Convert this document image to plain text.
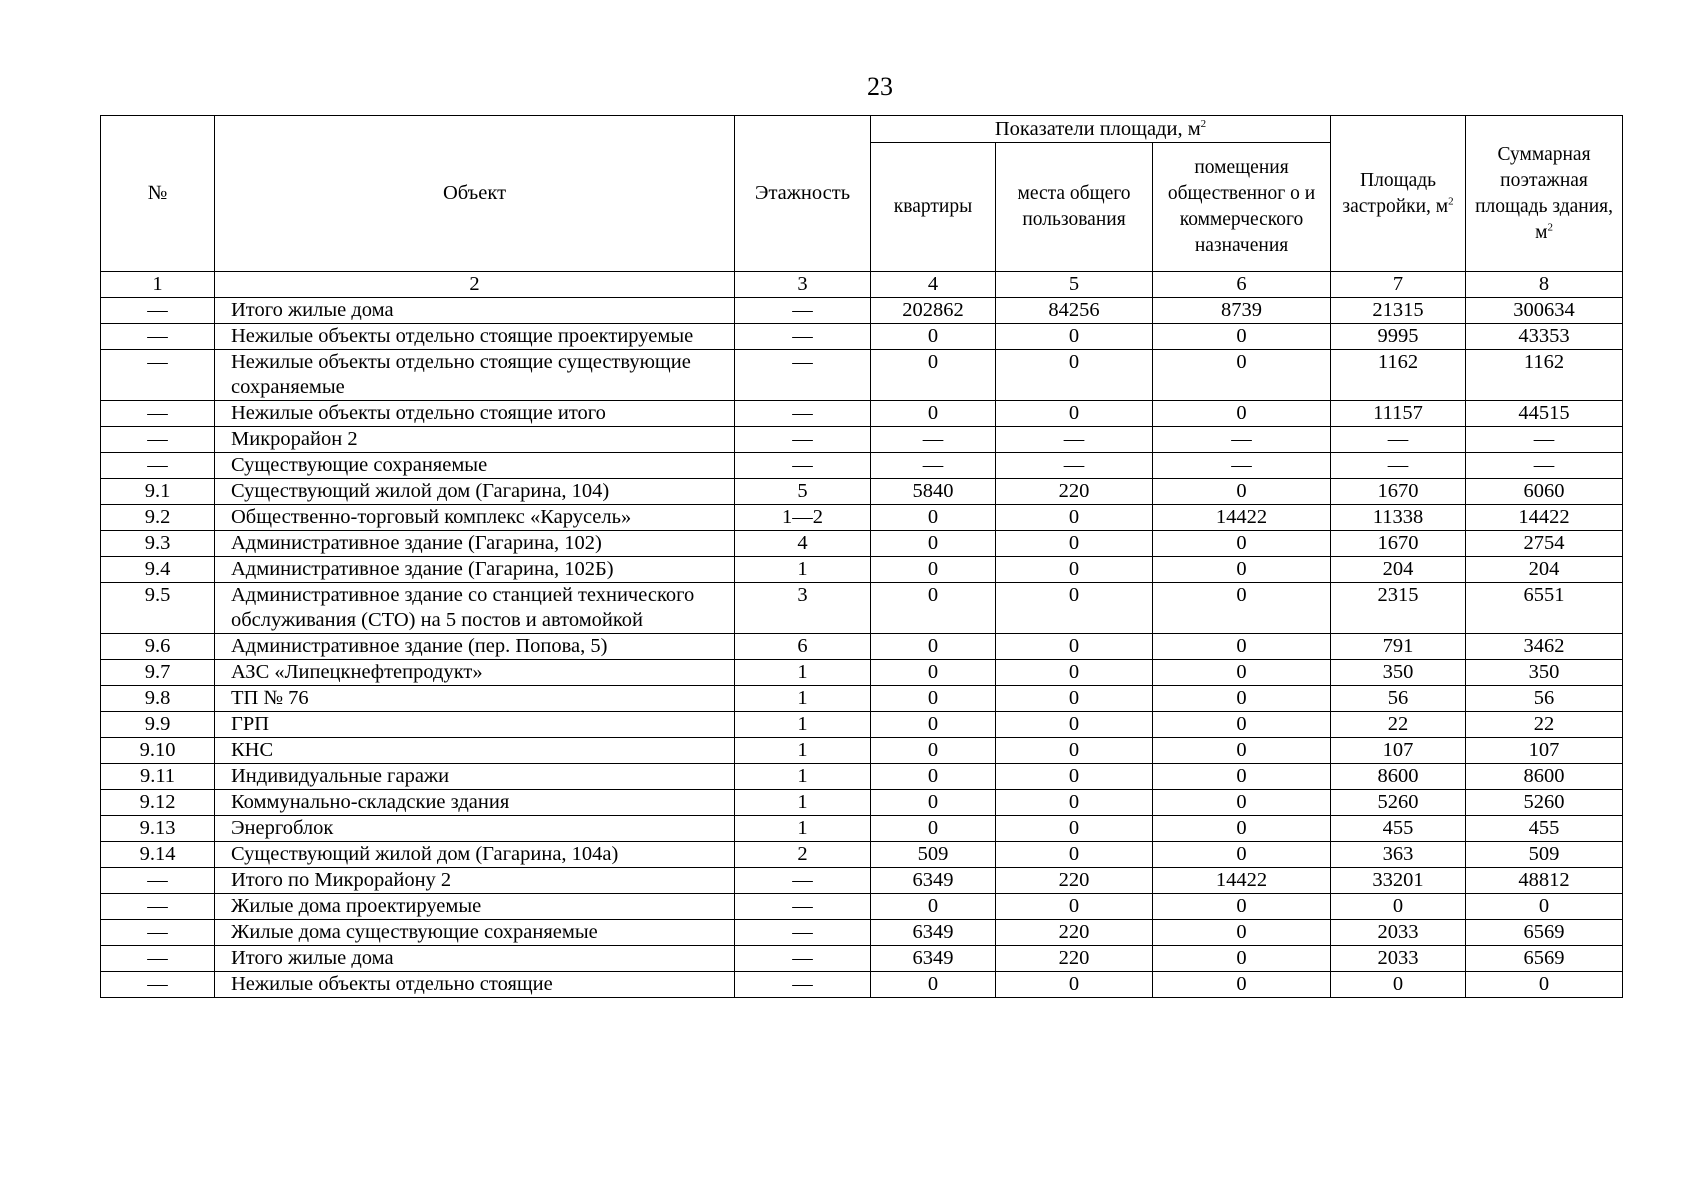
23
№	Объект	Этажность	Показатели площади, $м^2$			Площадь застройки, $м^2$	Суммарная поэтажная площадь здания, $м^2$
			квартиры	места общего пользования	помещения общественног о и коммерческого назначения		
1	2	3	4	5	6	7	8
—	Итого жилые дома	—	202862	84256	8739	21315	300634
—	Нежилые объекты отдельно стоящие проектируемые	—	0	0	0	9995	43353
—	Нежилые объекты отдельно стоящие существующие сохраняемые	—	0	0	0	1162	1162
—	Нежилые объекты отдельно стоящие итого	—	0	0	0	11157	44515
—	Микрорайон 2	—	—	—	—	—	—
—	Существующие сохраняемые	—	—	—	—	—	—
9.1	Существующий жилой дом (Гагарина, 104)	5	5840	220	0	1670	6060
9.2	Общественно-торговый комплекс «Карусель»	1—2	0	0	14422	11338	14422
9.3	Административное здание (Гагарина, 102)	4	0	0	0	1670	2754
9.4	Административное здание (Гагарина, 102Б)	1	0	0	0	204	204
9.5	Административное здание со станцией технического обслуживания (СТО) на 5 постов и автомойкой	3	0	0	0	2315	6551
9.6	Административное здание (пер. Попова, 5)	6	0	0	0	791	3462
9.7	АЗС «Липецкнефтепродукт»	1	0	0	0	350	350
9.8	ТП № 76	1	0	0	0	56	56
9.9	ГРП	1	0	0	0	22	22
9.10	КНС	1	0	0	0	107	107
9.11	Индивидуальные гаражи	1	0	0	0	8600	8600
9.12	Коммунально-складские здания	1	0	0	0	5260	5260
9.13	Энергоблок	1	0	0	0	455	455
9.14	Существующий жилой дом (Гагарина, 104а)	2	509	0	0	363	509
—	Итого по Микрорайону 2	—	6349	220	14422	33201	48812
—	Жилые дома проектируемые	—	0	0	0	0	0
—	Жилые дома существующие сохраняемые	—	6349	220	0	2033	6569
—	Итого жилые дома	—	6349	220	0	2033	6569
—	Нежилые объекты отдельно стоящие	—	0	0	0	0	0
